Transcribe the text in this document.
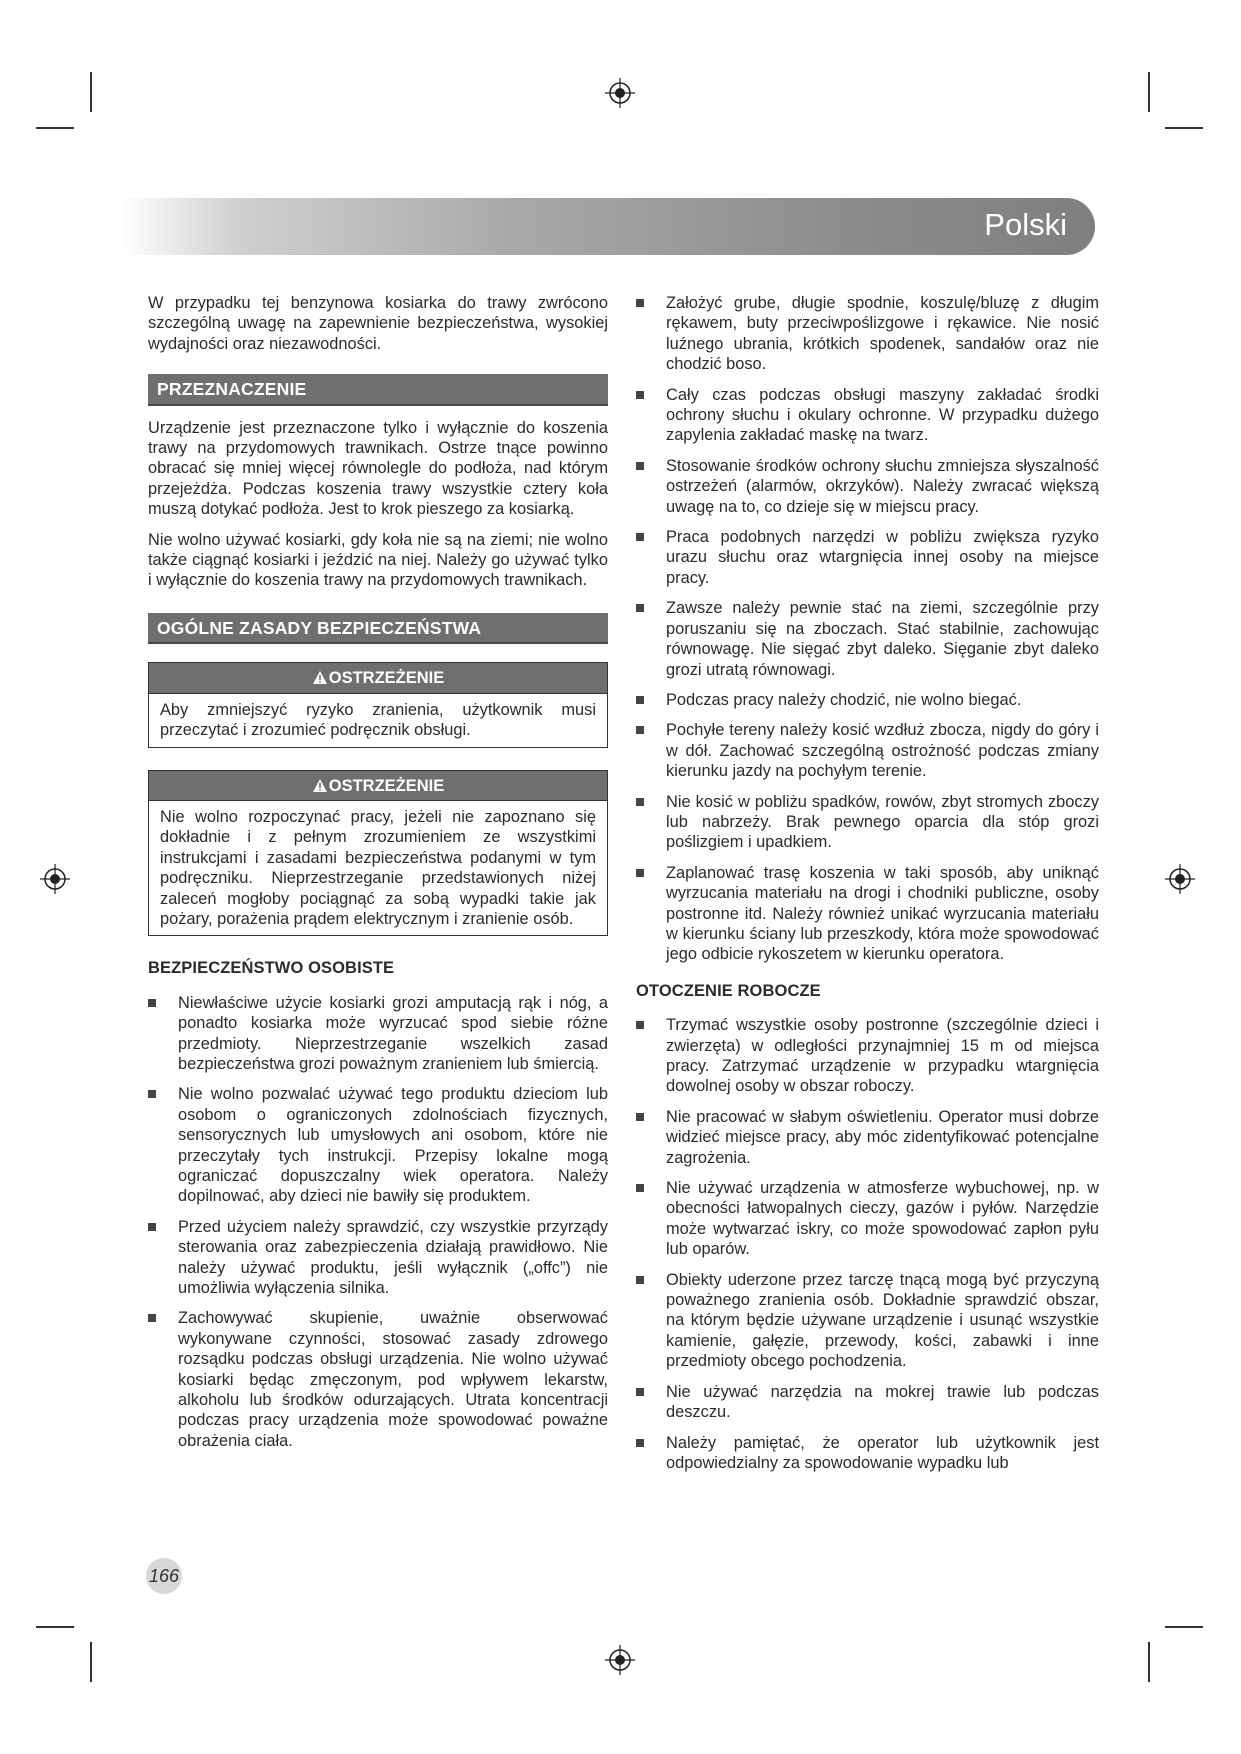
Polski

W przypadku tej benzynowa kosiarka do trawy zwrócono szczególną uwagę na zapewnienie bezpieczeństwa, wysokiej wydajności oraz niezawodności.

PRZEZNACZENIE

Urządzenie jest przeznaczone tylko i wyłącznie do koszenia trawy na przydomowych trawnikach. Ostrze tnące powinno obracać się mniej więcej równolegle do podłoża, nad którym przejeżdża. Podczas koszenia trawy wszystkie cztery koła muszą dotykać podłoża. Jest to krok pieszego za kosiarką.

Nie wolno używać kosiarki, gdy koła nie są na ziemi; nie wolno także ciągnąć kosiarki i jeździć na niej. Należy go używać tylko i wyłącznie do koszenia trawy na przydomowych trawnikach.

OGÓLNE ZASADY BEZPIECZEŃSTWA
OSTRZEŻENIE
Aby zmniejszyć ryzyko zranienia, użytkownik musi przeczytać i zrozumieć podręcznik obsługi.
OSTRZEŻENIE
Nie wolno rozpoczynać pracy, jeżeli nie zapoznano się dokładnie i z pełnym zrozumieniem ze wszystkimi instrukcjami i zasadami bezpieczeństwa podanymi w tym podręczniku. Nieprzestrzeganie przedstawionych niżej zaleceń mogłoby pociągnąć za sobą wypadki takie jak pożary, porażenia prądem elektrycznym i zranienie osób.
BEZPIECZEŃSTWO OSOBISTE
Niewłaściwe użycie kosiarki grozi amputacją rąk i nóg, a ponadto kosiarka może wyrzucać spod siebie różne przedmioty. Nieprzestrzeganie wszelkich zasad bezpieczeństwa grozi poważnym zranieniem lub śmiercią.
Nie wolno pozwalać używać tego produktu dzieciom lub osobom o ograniczonych zdolnościach fizycznych, sensorycznych lub umysłowych ani osobom, które nie przeczytały tych instrukcji. Przepisy lokalne mogą ograniczać dopuszczalny wiek operatora. Należy dopilnować, aby dzieci nie bawiły się produktem.
Przed użyciem należy sprawdzić, czy wszystkie przyrządy sterowania oraz zabezpieczenia działają prawidłowo. Nie należy używać produktu, jeśli wyłącznik („offc”) nie umożliwia wyłączenia silnika.
Zachowywać skupienie, uważnie obserwować wykonywane czynności, stosować zasady zdrowego rozsądku podczas obsługi urządzenia. Nie wolno używać kosiarki będąc zmęczonym, pod wpływem lekarstw, alkoholu lub środków odurzających. Utrata koncentracji podczas pracy urządzenia może spowodować poważne obrażenia ciała.
Założyć grube, długie spodnie, koszulę/bluzę z długim rękawem, buty przeciwpoślizgowe i rękawice. Nie nosić luźnego ubrania, krótkich spodenek, sandałów oraz nie chodzić boso.
Cały czas podczas obsługi maszyny zakładać środki ochrony słuchu i okulary ochronne. W przypadku dużego zapylenia zakładać maskę na twarz.
Stosowanie środków ochrony słuchu zmniejsza słyszalność ostrzeżeń (alarmów, okrzyków). Należy zwracać większą uwagę na to, co dzieje się w miejscu pracy.
Praca podobnych narzędzi w pobliżu zwiększa ryzyko urazu słuchu oraz wtargnięcia innej osoby na miejsce pracy.
Zawsze należy pewnie stać na ziemi, szczególnie przy poruszaniu się na zboczach. Stać stabilnie, zachowując równowagę. Nie sięgać zbyt daleko. Sięganie zbyt daleko grozi utratą równowagi.
Podczas pracy należy chodzić, nie wolno biegać.
Pochyłe tereny należy kosić wzdłuż zbocza, nigdy do góry i w dół. Zachować szczególną ostrożność podczas zmiany kierunku jazdy na pochyłym terenie.
Nie kosić w pobliżu spadków, rowów, zbyt stromych zboczy lub nabrzeży. Brak pewnego oparcia dla stóp grozi poślizgiem i upadkiem.
Zaplanować trasę koszenia w taki sposób, aby uniknąć wyrzucania materiału na drogi i chodniki publiczne, osoby postronne itd. Należy również unikać wyrzucania materiału w kierunku ściany lub przeszkody, która może spowodować jego odbicie rykoszetem w kierunku operatora.
OTOCZENIE ROBOCZE
Trzymać wszystkie osoby postronne (szczególnie dzieci i zwierzęta) w odległości przynajmniej 15 m od miejsca pracy. Zatrzymać urządzenie w przypadku wtargnięcia dowolnej osoby w obszar roboczy.
Nie pracować w słabym oświetleniu. Operator musi dobrze widzieć miejsce pracy, aby móc zidentyfikować potencjalne zagrożenia.
Nie używać urządzenia w atmosferze wybuchowej, np. w obecności łatwopalnych cieczy, gazów i pyłów. Narzędzie może wytwarzać iskry, co może spowodować zapłon pyłu lub oparów.
Obiekty uderzone przez tarczę tnącą mogą być przyczyną poważnego zranienia osób. Dokładnie sprawdzić obszar, na którym będzie używane urządzenie i usunąć wszystkie kamienie, gałęzie, przewody, kości, zabawki i inne przedmioty obcego pochodzenia.
Nie używać narzędzia na mokrej trawie lub podczas deszczu.
Należy pamiętać, że operator lub użytkownik jest odpowiedzialny za spowodowanie wypadku lub
166
